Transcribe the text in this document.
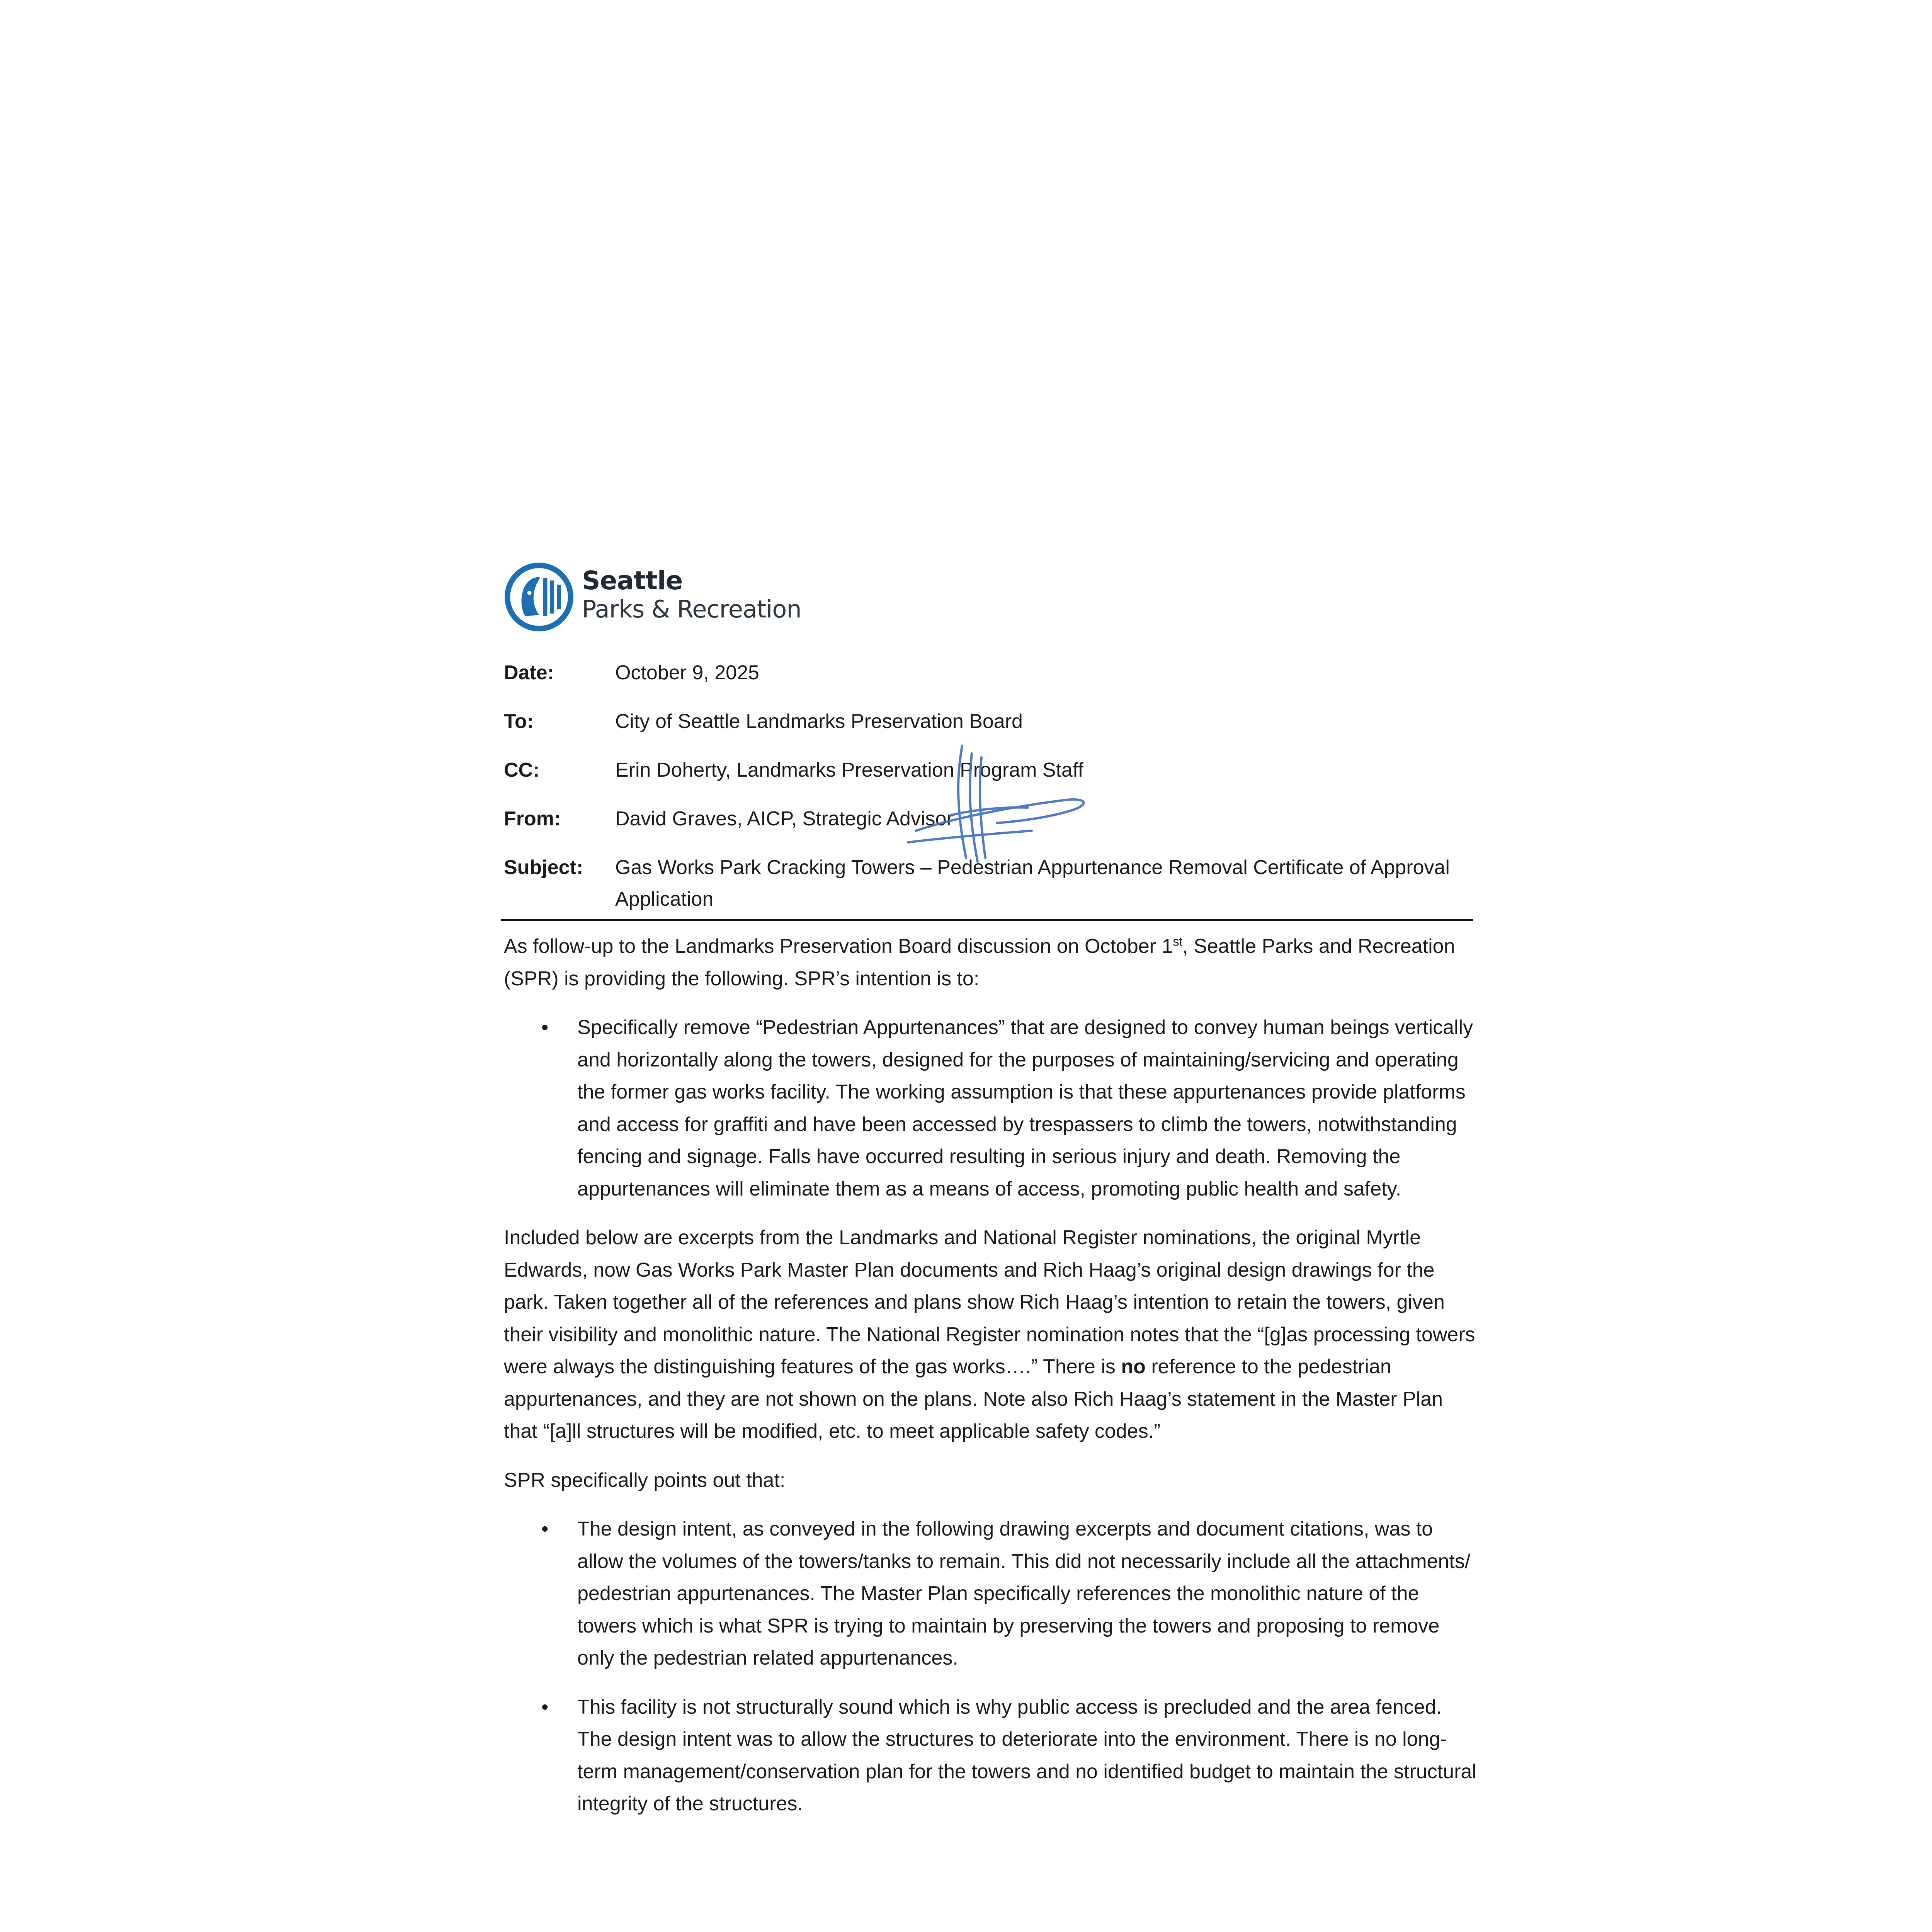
Seattle
Parks & Recreation
Date:	October 9, 2025
To:	City of Seattle Landmarks Preservation Board
CC:	Erin Doherty, Landmarks Preservation Program Staff
From:	David Graves, AICP, Strategic Advisor
Subject: Gas Works Park Cracking Towers – Pedestrian Appurtenance Removal Certificate of Approval Application

As follow-up to the Landmarks Preservation Board discussion on October 1st, Seattle Parks and Recreation (SPR) is providing the following. SPR’s intention is to:

• Specifically remove “Pedestrian Appurtenances” that are designed to convey human beings vertically and horizontally along the towers, designed for the purposes of maintaining/servicing and operating the former gas works facility. The working assumption is that these appurtenances provide platforms and access for graffiti and have been accessed by trespassers to climb the towers, notwithstanding fencing and signage. Falls have occurred resulting in serious injury and death. Removing the appurtenances will eliminate them as a means of access, promoting public health and safety.

Included below are excerpts from the Landmarks and National Register nominations, the original Myrtle Edwards, now Gas Works Park Master Plan documents and Rich Haag’s original design drawings for the park. Taken together all of the references and plans show Rich Haag’s intention to retain the towers, given their visibility and monolithic nature. The National Register nomination notes that the “[g]as processing towers were always the distinguishing features of the gas works….” There is no reference to the pedestrian appurtenances, and they are not shown on the plans. Note also Rich Haag’s statement in the Master Plan that “[a]ll structures will be modified, etc. to meet applicable safety codes.”

SPR specifically points out that:

• The design intent, as conveyed in the following drawing excerpts and document citations, was to allow the volumes of the towers/tanks to remain. This did not necessarily include all the attachments/ pedestrian appurtenances. The Master Plan specifically references the monolithic nature of the towers which is what SPR is trying to maintain by preserving the towers and proposing to remove only the pedestrian related appurtenances.
• This facility is not structurally sound which is why public access is precluded and the area fenced. The design intent was to allow the structures to deteriorate into the environment. There is no long-term management/conservation plan for the towers and no identified budget to maintain the structural integrity of the structures.
